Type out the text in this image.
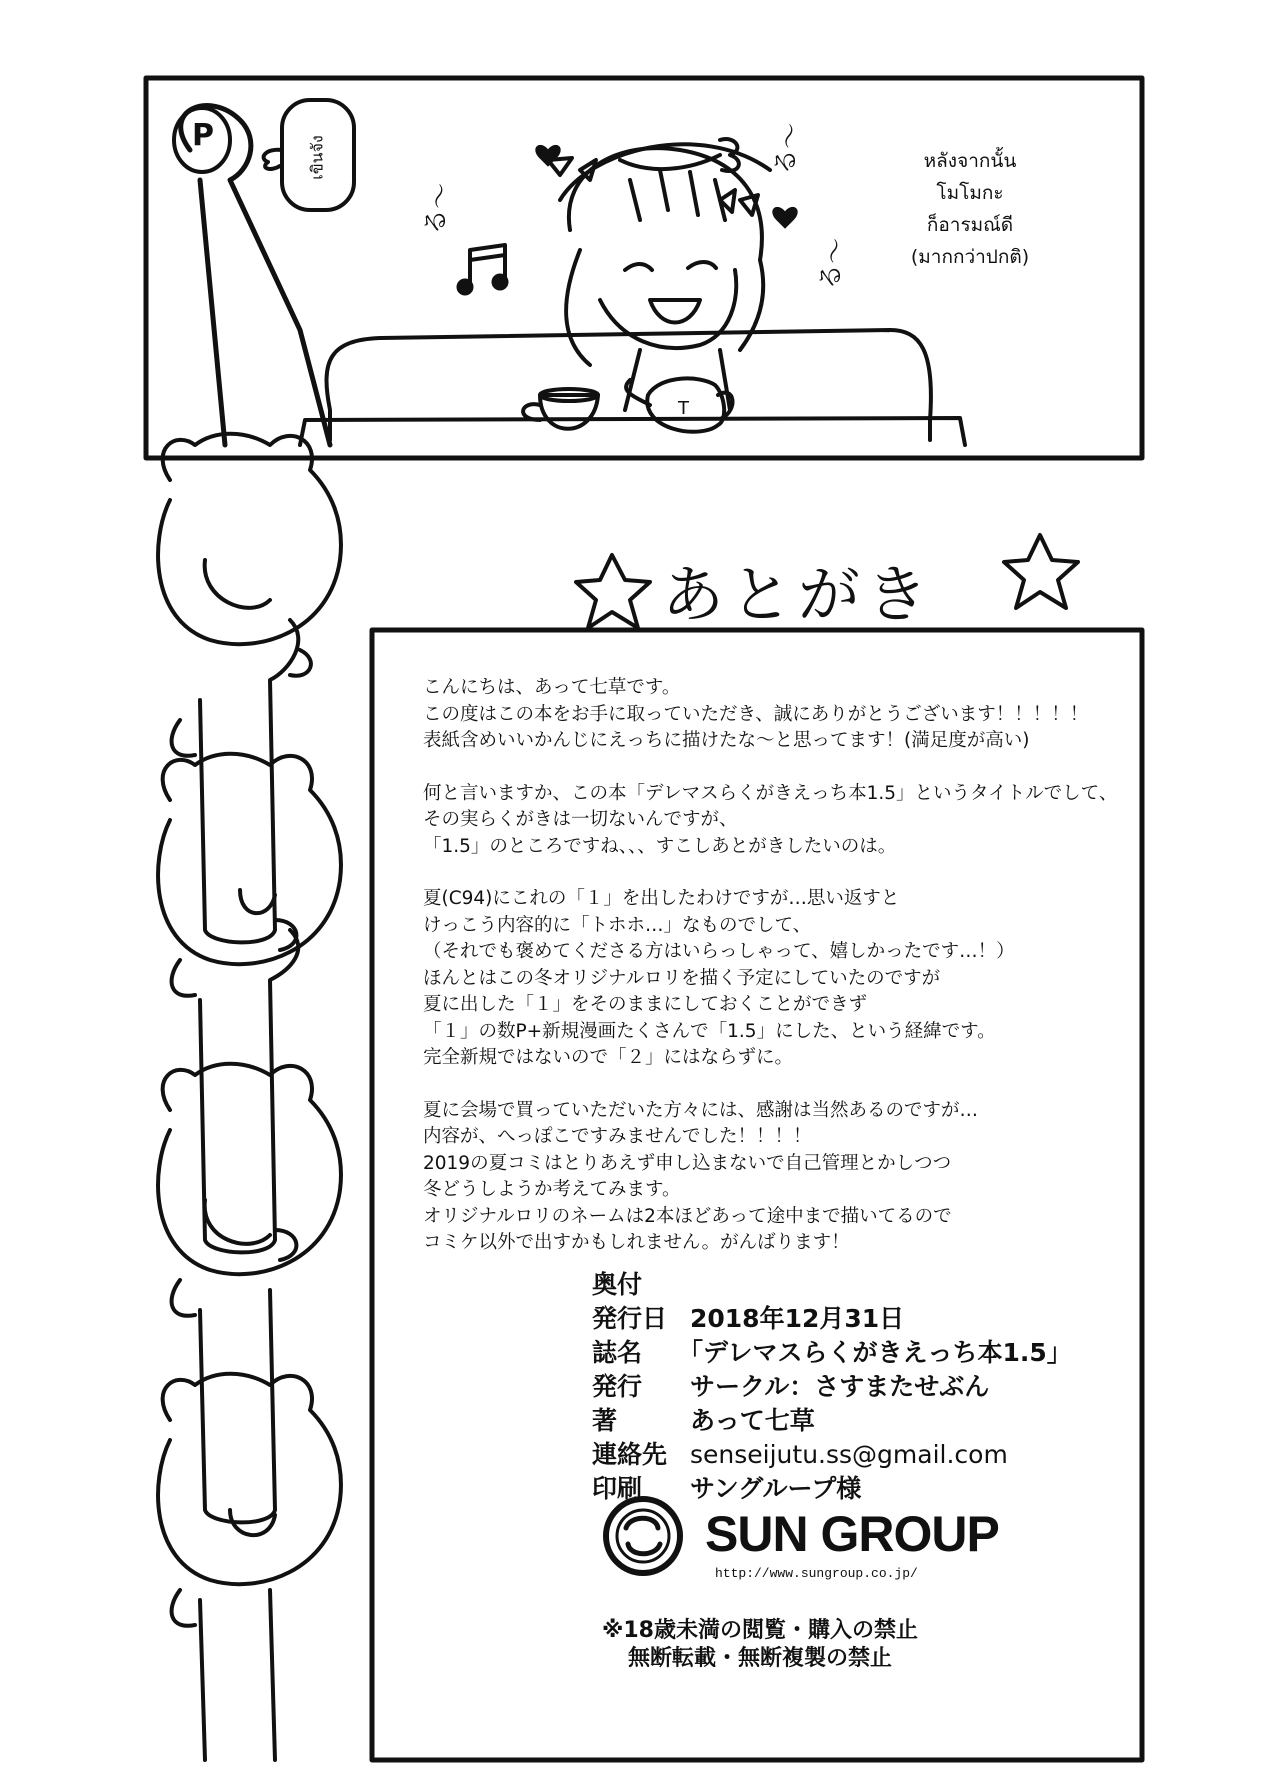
เขินจัง
P
หลังจากนั้น
โมโมกะ
ก็อารมณ์ดี
(มากกว่าปกติ)
る〜
る〜
る〜
T
あとがき

こんにちは、あって七草です。
この度はこの本をお手に取っていただき、誠にありがとうございます！！！！！
表紙含めいいかんじにえっちに描けたな〜と思ってます！(満足度が高い)

何と言いますか、この本「デレマスらくがきえっち本1.5」というタイトルでして、
その実らくがきは一切ないんですが、
「1.5」のところですね、、、すこしあとがきしたいのは。

夏(C94)にこれの「１」を出したわけですが…思い返すと
けっこう内容的に「トホホ…」なものでして、
（それでも褒めてくださる方はいらっしゃって、嬉しかったです…！）
ほんとはこの冬オリジナルロリを描く予定にしていたのですが
夏に出した「１」をそのままにしておくことができず
「１」の数P+新規漫画たくさんで「1.5」にした、という経緯です。
完全新規ではないので「２」にはならずに。

夏に会場で買っていただいた方々には、感謝は当然あるのですが…
内容が、へっぽこですみませんでした！！！！
2019の夏コミはとりあえず申し込まないで自己管理とかしつつ
冬どうしようか考えてみます。
オリジナルロリのネームは2本ほどあって途中まで描いてるので
コミケ以外で出すかもしれません。がんばります！

奥付
発行日 2018年12月31日
誌名	「デレマスらくがきえっち本1.5」
発行	サークル：さすまたせぶん
著	あって七草
連絡先 senseijutu.ss@gmail.com
印刷	サングループ様
SUN GROUP
http://www.sungroup.co.jp/
※18歳未満の閲覧・購入の禁止
無断転載・無断複製の禁止
